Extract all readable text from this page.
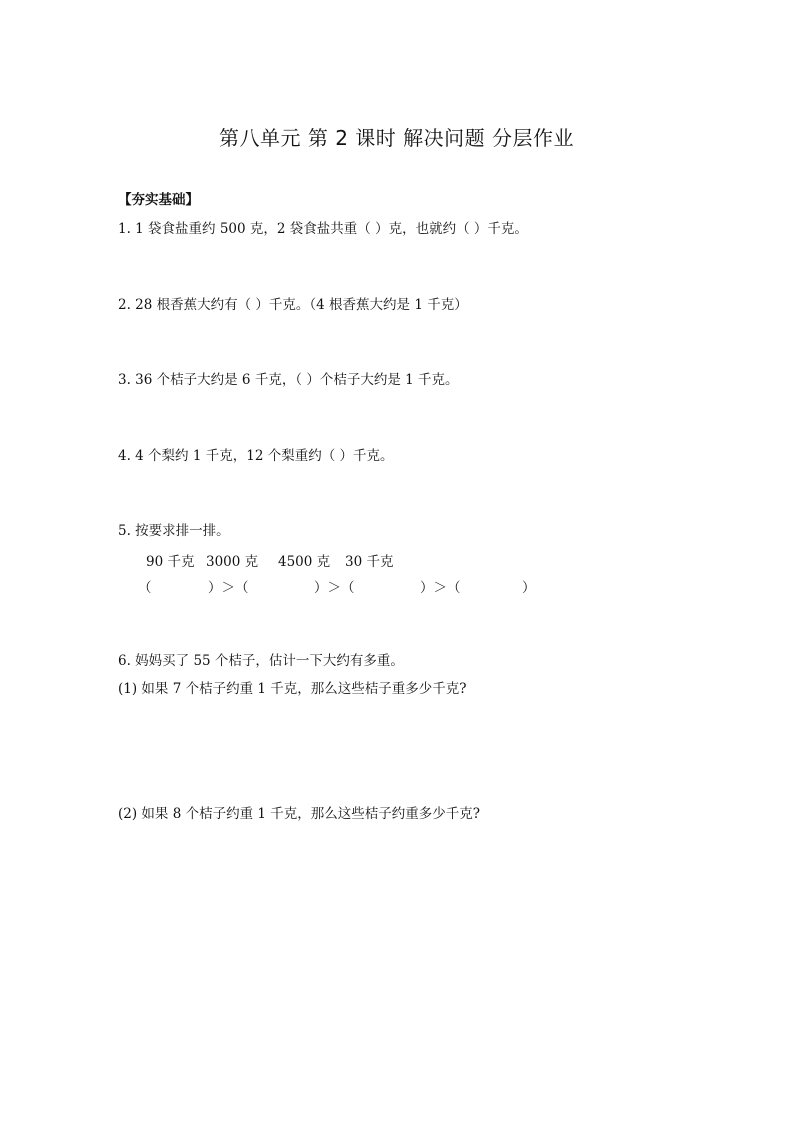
第八单元 第 2 课时 解决问题 分层作业
【夯实基础】
1. 1 袋食盐重约 500 克，2 袋食盐共重（ ）克，也就约（ ）千克。
2. 28 根香蕉大约有（ ）千克。（4 根香蕉大约是 1 千克）
3. 36 个桔子大约是 6 千克，（ ）个桔子大约是 1 千克。
4. 4 个梨约 1 千克，12 个梨重约（ ）千克。
5. 按要求排一排。
90 千克 3000 克 4500 克 30 千克
（	）＞（	）＞（	）＞（	）
6. 妈妈买了 55 个桔子，估计一下大约有多重。
(1) 如果 7 个桔子约重 1 千克，那么这些桔子重多少千克?
(2) 如果 8 个桔子约重 1 千克，那么这些桔子约重多少千克?
